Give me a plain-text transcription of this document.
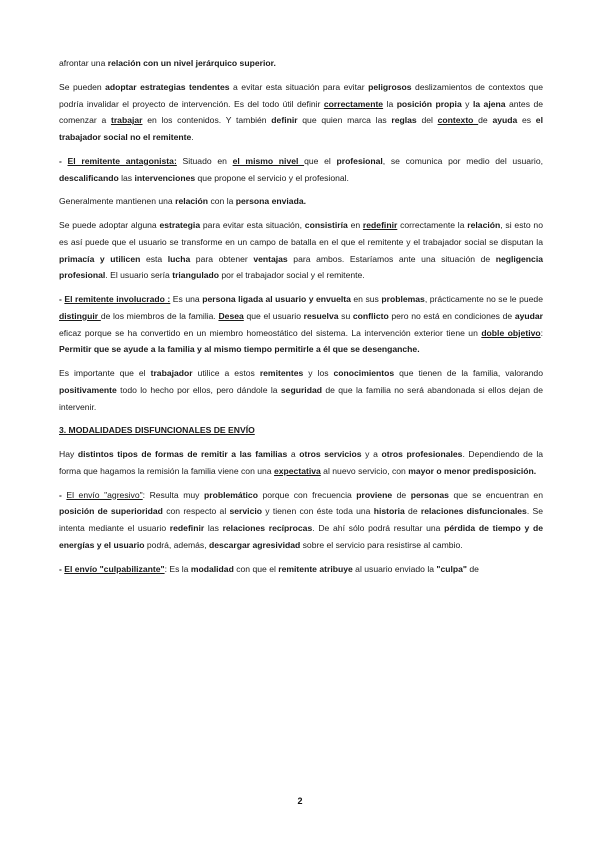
afrontar una relación con un nivel jerárquico superior.

Se pueden adoptar estrategias tendentes a evitar esta situación para evitar peligrosos deslizamientos de contextos que podría invalidar el proyecto de intervención. Es del todo útil definir correctamente la posición propia y la ajena antes de comenzar a trabajar en los contenidos. Y también definir que quien marca las reglas del contexto de ayuda es el trabajador social no el remitente.

- El remitente antagonista: Situado en el mismo nivel que el profesional, se comunica por medio del usuario, descalificando las intervenciones que propone el servicio y el profesional.

Generalmente mantienen una relación con la persona enviada.

Se puede adoptar alguna estrategia para evitar esta situación, consistiría en redefinir correctamente la relación, si esto no es así puede que el usuario se transforme en un campo de batalla en el que el remitente y el trabajador social se disputan la primacía y utilicen esta lucha para obtener ventajas para ambos. Estaríamos ante una situación de negligencia profesional. El usuario sería triangulado por el trabajador social y el remitente.

- El remitente involucrado : Es una persona ligada al usuario y envuelta en sus problemas, prácticamente no se le puede distinguir de los miembros de la familia. Desea que el usuario resuelva su conflicto pero no está en condiciones de ayudar eficaz porque se ha convertido en un miembro homeostático del sistema. La intervención exterior tiene un doble objetivo: Permitir que se ayude a la familia y al mismo tiempo permitirle a él que se desenganche.

Es importante que el trabajador utilice a estos remitentes y los conocimientos que tienen de la familia, valorando positivamente todo lo hecho por ellos, pero dándole la seguridad de que la familia no será abandonada si ellos dejan de intervenir.

3. MODALIDADES DISFUNCIONALES DE ENVÍO

Hay distintos tipos de formas de remitir a las familias a otros servicios y a otros profesionales. Dependiendo de la forma que hagamos la remisión la familia viene con una expectativa al nuevo servicio, con mayor o menor predisposición.

- El envío "agresivo": Resulta muy problemático porque con frecuencia proviene de personas que se encuentran en posición de superioridad con respecto al servicio y tienen con éste toda una historia de relaciones disfuncionales. Se intenta mediante el usuario redefinir las relaciones recíprocas. De ahí sólo podrá resultar una pérdida de tiempo y de energías y el usuario podrá, además, descargar agresividad sobre el servicio para resistirse al cambio.

- El envío "culpabilizante": Es la modalidad con que el remitente atribuye al usuario enviado la "culpa" de

2
